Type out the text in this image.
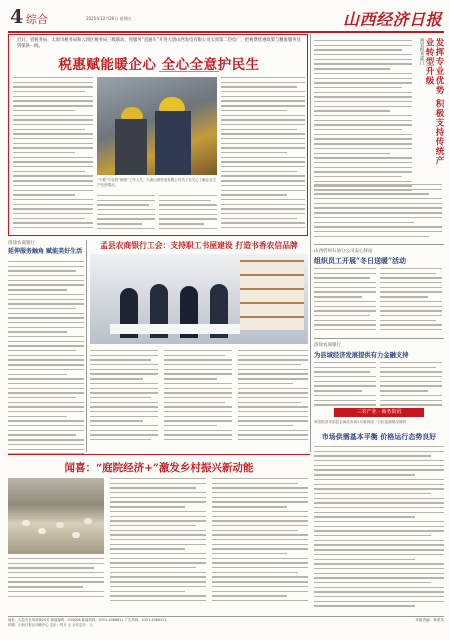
4 综合	2025年12月26日 星期五	山西经济日报
近日，省税务局、太原市税务局和云冈区税务局三级联动，将服务“直通车”开进大唐山西发电有限公司太原第二热电厂，把税费优惠政策与精准服务送到保供一线。
税惠赋能暖企心 全心全意护民生
“个税”专业的“税暖”工作人员、大唐山西发电有限公司员工在关心了解企业生产经营情况。
两省税务部门	发挥专业优势 积极支持传统产业转型升级
清徐农商银行
延伸服务触角 赋能美好生活
孟县农商银行工会：支持职工书屋建设 打造书香农信品牌
山西忻州石油分公司安心驿站
组织员工开展“冬日送暖”活动
清徐农商银行
为县域经济发展提供有力金融支持
三农产业 · 商务资讯
商务报省市部县去商品市场1月第四周一日价监测情况简析
市场供需基本平衡 价格运行态势良好
闻喜：“庭院经济+”激发乡村振兴新动能
地址：太原市长风西街20号 邮政编码：030006 新闻热线：0351-4066611 广告热线：0351-4066222
印刷：山西日报社印刷中心 定价：每月 元 全年定价：元
本版责编：杨美英
